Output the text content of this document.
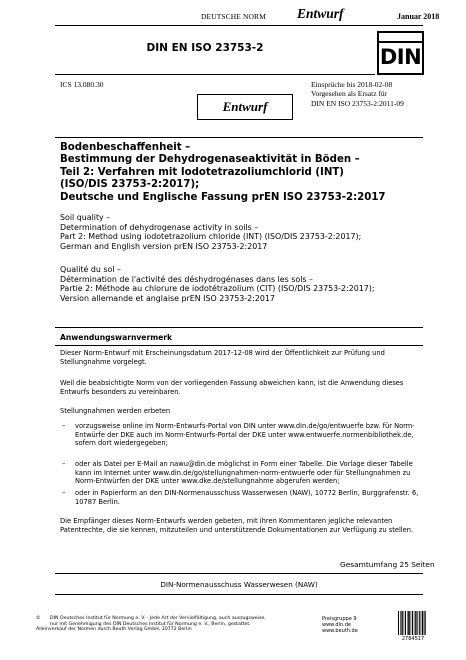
DEUTSCHE NORM Entwurf	Januar 2018
DIN EN ISO 23753-2	DIN
ICS 13.080.30	Einsprüche bis 2018-02-08
Vorgesehen als Ersatz für
DIN EN ISO 23753-2:2011-09
Entwurf
Bodenbeschaffenheit –
Bestimmung der Dehydrogenaseaktivität in Böden –
Teil 2: Verfahren mit Iodotetrazoliumchlorid (INT)
(ISO/DIS 23753-2:2017);
Deutsche und Englische Fassung prEN ISO 23753-2:2017
Soil quality –
Determination of dehydrogenase activity in soils –
Part 2: Method using iodotetrazolium chloride (INT) (ISO/DIS 23753-2:2017);
German and English version prEN ISO 23753-2:2017
Qualité du sol –
Détermination de l'activité des déshydrogénases dans les sols –
Partie 2: Méthode au chlorure de iodotétrazolium (CIT) (ISO/DIS 23753-2:2017);
Version allemande et anglaise prEN ISO 23753-2:2017
Anwendungswarnvermerk
Dieser Norm-Entwurf mit Erscheinungsdatum 2017-12-08 wird der Öffentlichkeit zur Prüfung und Stellungnahme vorgelegt.
Weil die beabsichtigte Norm von der vorliegenden Fassung abweichen kann, ist die Anwendung dieses Entwurfs besonders zu vereinbaren.
Stellungnahmen werden erbeten
– vorzugsweise online im Norm-Entwurfs-Portal von DIN unter www.din.de/go/entwuerfe bzw. für Norm-Entwürfe der DKE auch im Norm-Entwurfs-Portal der DKE unter www.entwuerfe.normenbibliothek.de, sofern dort wiedergegeben;
– oder als Datei per E-Mail an nawu@din.de möglichst in Form einer Tabelle. Die Vorlage dieser Tabelle kann im Internet unter www.din.de/go/stellungnahmen-norm-entwuerfe oder für Stellungnahmen zu Norm-Entwürfen der DKE unter www.dke.de/stellungnahme abgerufen werden;
– oder in Papierform an den DIN-Normenausschuss Wasserwesen (NAW), 10772 Berlin, Burggrafenstr. 6, 10787 Berlin.
Die Empfänger dieses Norm-Entwurfs werden gebeten, mit ihren Kommentaren jegliche relevanten Patentrechte, die sie kennen, mitzuteilen und unterstützende Dokumentationen zur Verfügung zu stellen.
Gesamtumfang 25 Seiten
DIN-Normenausschuss Wasserwesen (NAW)
©	DIN Deutsches Institut für Normung e. V. · Jede Art der Vervielfältigung, auch auszugsweise,
nur mit Genehmigung des DIN Deutsches Institut für Normung e. V., Berlin, gestattet.
Alleinverkauf der Normen durch Beuth Verlag GmbH, 10772 Berlin
Preisgruppe 9
www.din.de
www.beuth.de
2784517
